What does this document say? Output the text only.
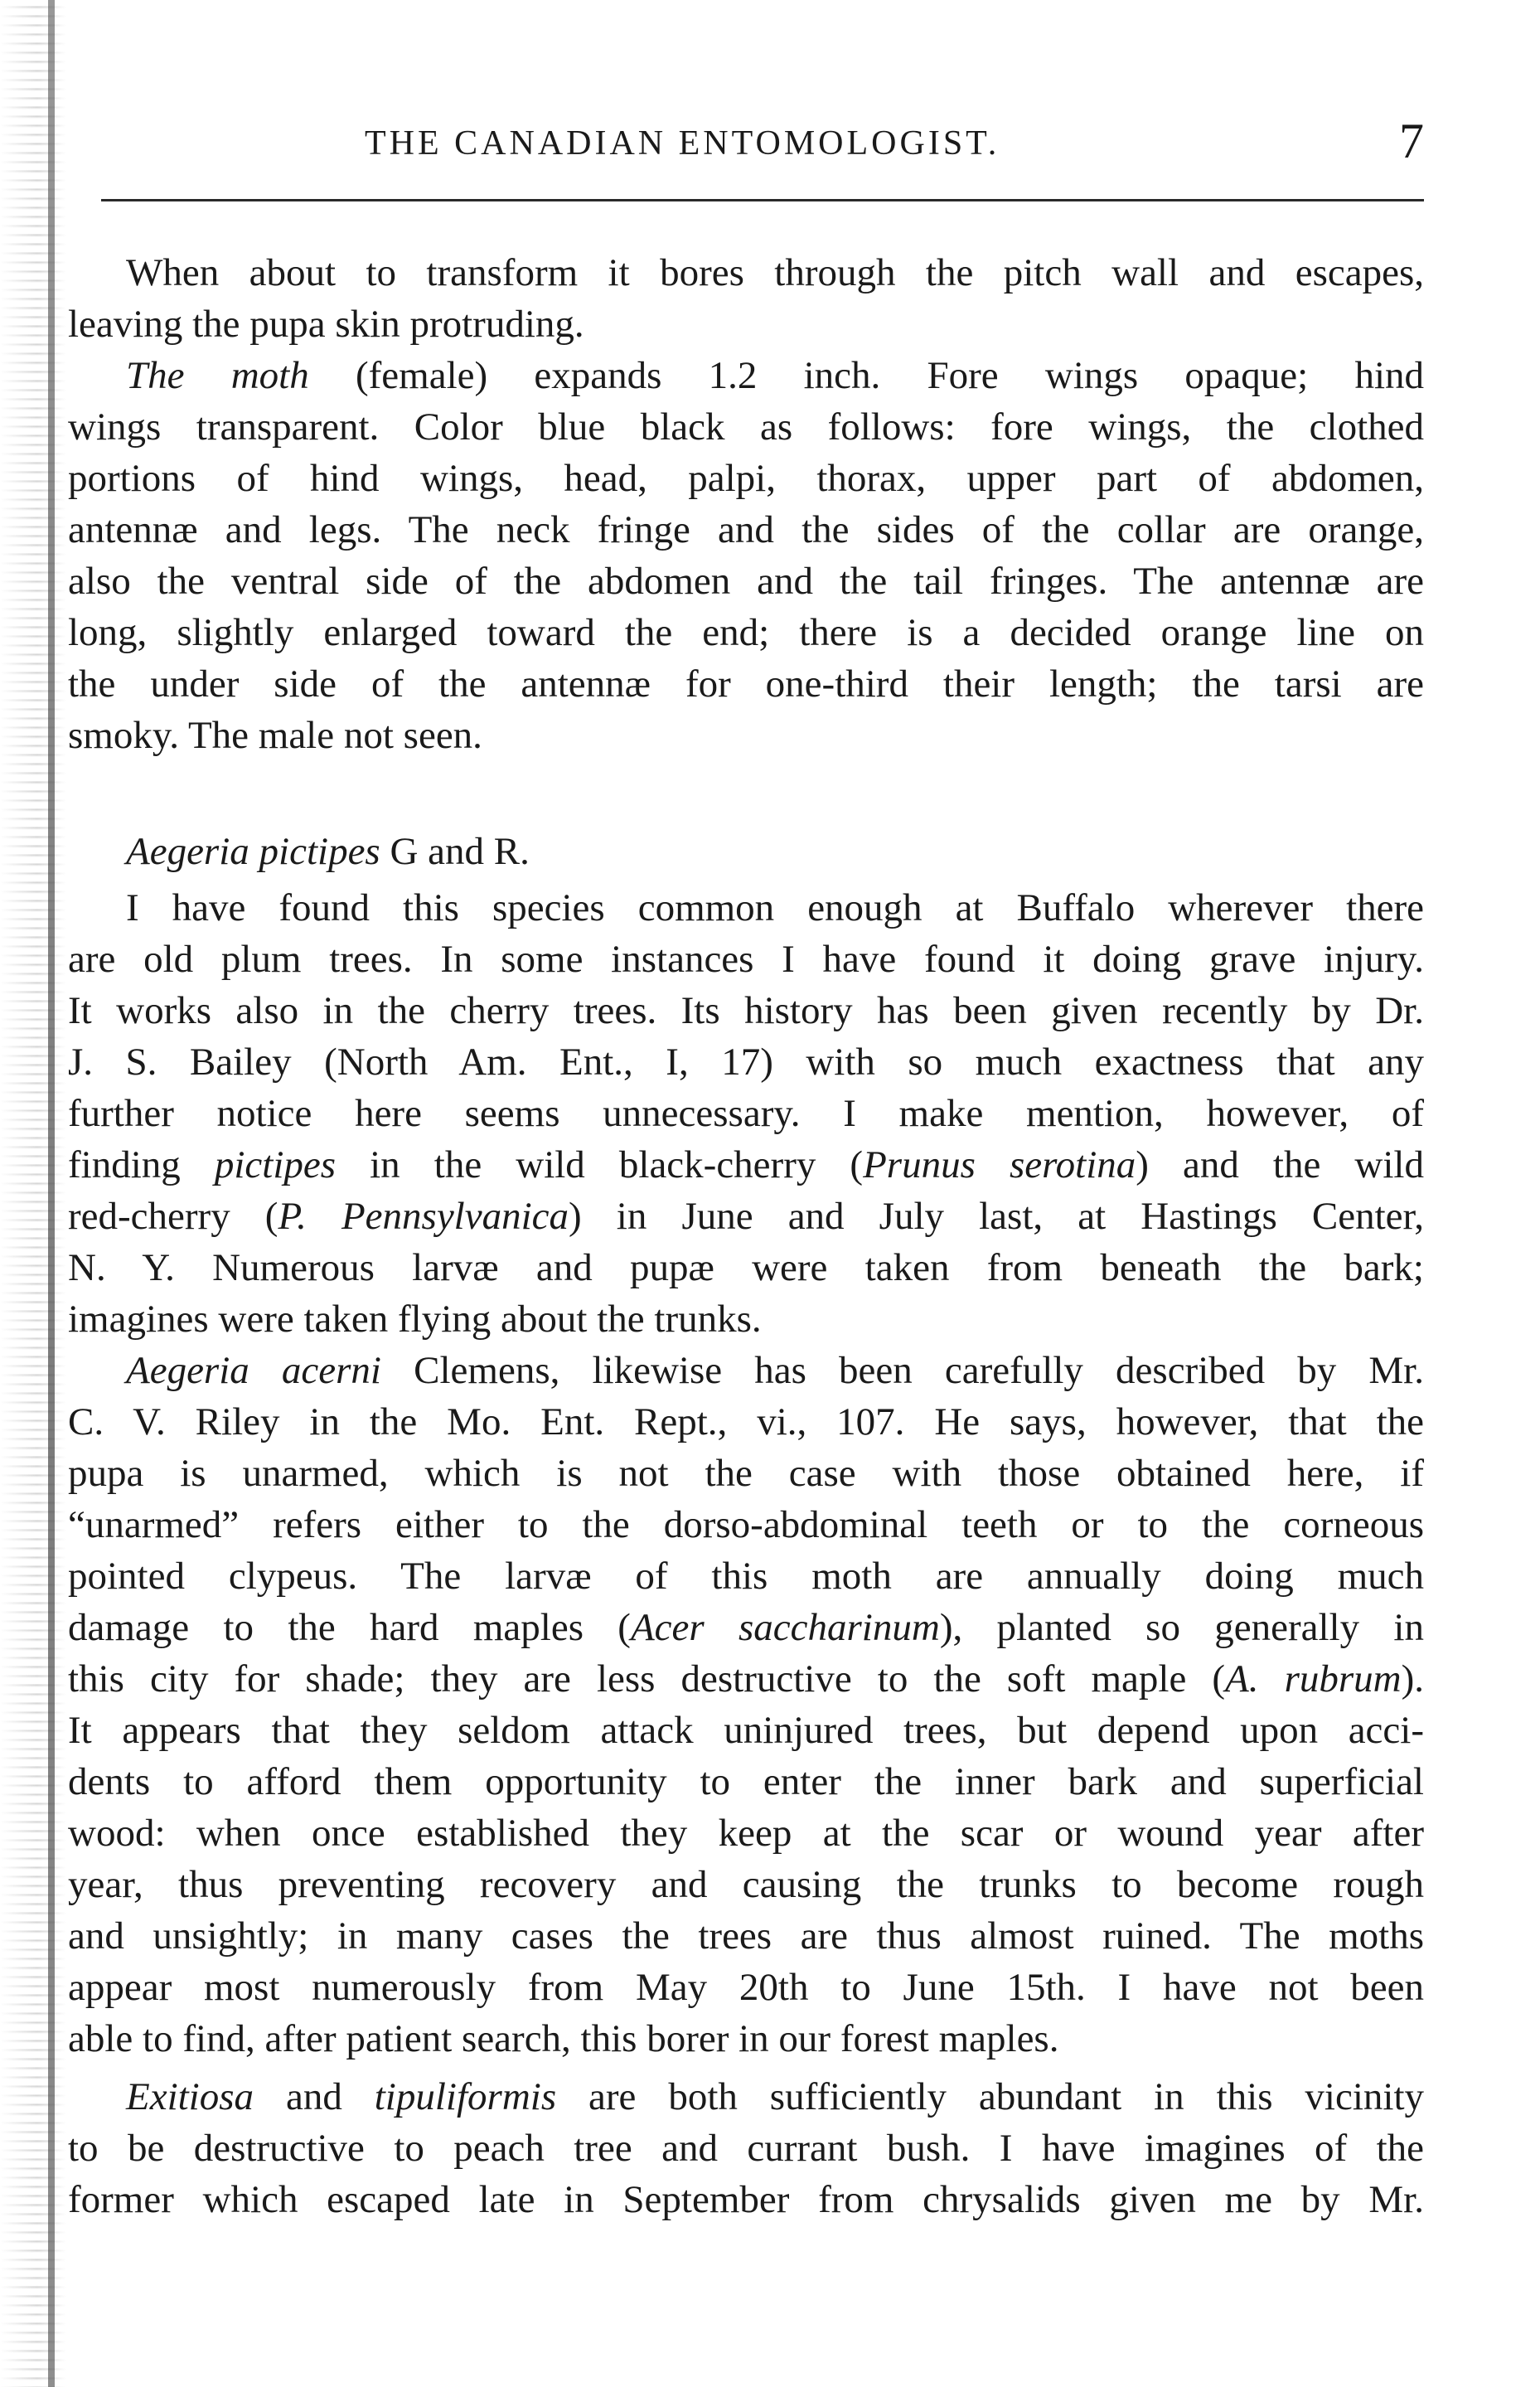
THE CANADIAN ENTOMOLOGIST.	7
When about to transform it bores through the pitch wall and escapes,
leaving the pupa skin protruding.
The moth (female) expands 1.2 inch. Fore wings opaque; hind
wings transparent. Color blue black as follows: fore wings, the clothed
portions of hind wings, head, palpi, thorax, upper part of abdomen,
antennæ and legs. The neck fringe and the sides of the collar are orange,
also the ventral side of the abdomen and the tail fringes. The antennæ are
long, slightly enlarged toward the end; there is a decided orange line on
the under side of the antennæ for one-third their length; the tarsi are
smoky. The male not seen.
Aegeria pictipes G and R.
I have found this species common enough at Buffalo wherever there
are old plum trees. In some instances I have found it doing grave injury.
It works also in the cherry trees. Its history has been given recently by Dr.
J. S. Bailey (North Am. Ent., I, 17) with so much exactness that any
further notice here seems unnecessary. I make mention, however, of
finding pictipes in the wild black-cherry (Prunus serotina) and the wild
red-cherry (P. Pennsylvanica) in June and July last, at Hastings Center,
N. Y. Numerous larvæ and pupæ were taken from beneath the bark;
imagines were taken flying about the trunks.
Aegeria acerni Clemens, likewise has been carefully described by Mr.
C. V. Riley in the Mo. Ent. Rept., vi., 107. He says, however, that the
pupa is unarmed, which is not the case with those obtained here, if
“unarmed” refers either to the dorso-abdominal teeth or to the corneous
pointed clypeus. The larvæ of this moth are annually doing much
damage to the hard maples (Acer saccharinum), planted so generally in
this city for shade; they are less destructive to the soft maple (A. rubrum).
It appears that they seldom attack uninjured trees, but depend upon acci-
dents to afford them opportunity to enter the inner bark and superficial
wood: when once established they keep at the scar or wound year after
year, thus preventing recovery and causing the trunks to become rough
and unsightly; in many cases the trees are thus almost ruined. The moths
appear most numerously from May 20th to June 15th. I have not been
able to find, after patient search, this borer in our forest maples.
Exitiosa and tipuliformis are both sufficiently abundant in this vicinity
to be destructive to peach tree and currant bush. I have imagines of the
former which escaped late in September from chrysalids given me by Mr.
